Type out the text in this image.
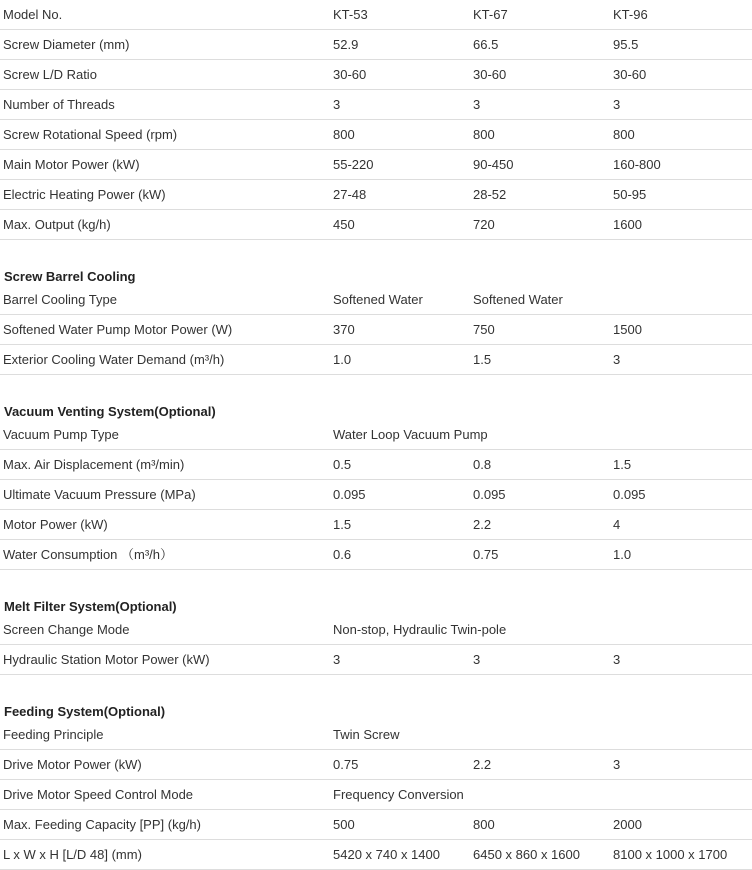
Model No.	KT-53	KT-67	KT-96
Screw Diameter (mm)	52.9	66.5	95.5
Screw L/D Ratio	30-60	30-60	30-60
Number of Threads	3	3	3
Screw Rotational Speed (rpm)	800	800	800
Main Motor Power (kW)	55-220	90-450	160-800
Electric Heating Power (kW)	27-48	28-52	50-95
Max. Output (kg/h)	450	720	1600
Screw Barrel Cooling
Barrel Cooling Type	Softened Water	Softened Water
Softened Water Pump Motor Power (W)	370	750	1500
Exterior Cooling Water Demand (m³/h)	1.0	1.5	3
Vacuum Venting System(Optional)
Vacuum Pump Type	Water Loop Vacuum Pump
Max. Air Displacement (m³/min)	0.5	0.8	1.5
Ultimate Vacuum Pressure (MPa)	0.095	0.095	0.095
Motor Power (kW)	1.5	2.2	4
Water Consumption （m³/h）	0.6	0.75	1.0
Melt Filter System(Optional)
Screen Change Mode	Non-stop, Hydraulic Twin-pole
Hydraulic Station Motor Power (kW)	3	3	3
Feeding System(Optional)
Feeding Principle	Twin Screw
Drive Motor Power (kW)	0.75	2.2	3
Drive Motor Speed Control Mode	Frequency Conversion
Max. Feeding Capacity [PP] (kg/h)	500	800	2000
L x W x H [L/D 48] (mm)	5420 x 740 x 1400	6450 x 860 x 1600	8100 x 1000 x 1700
